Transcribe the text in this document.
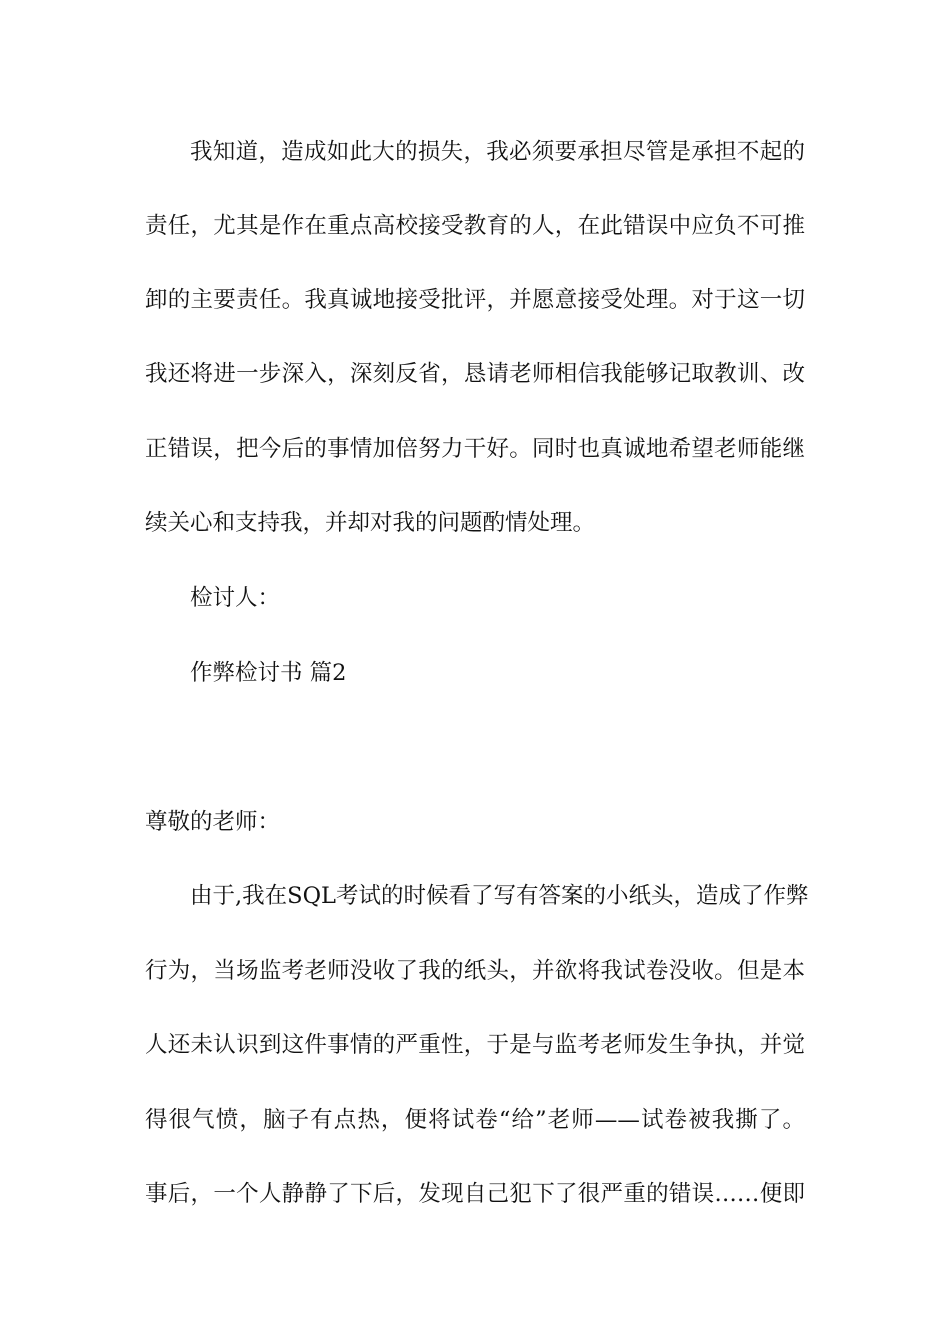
我知道，造成如此大的损失，我必须要承担尽管是承担不起的
责任，尤其是作在重点高校接受教育的人，在此错误中应负不可推
卸的主要责任。我真诚地接受批评，并愿意接受处理。对于这一切
我还将进一步深入，深刻反省，恳请老师相信我能够记取教训、改
正错误，把今后的事情加倍努力干好。同时也真诚地希望老师能继
续关心和支持我，并却对我的问题酌情处理。
检讨人：
作弊检讨书 篇2
尊敬的老师：
由于,我在SQL考试的时候看了写有答案的小纸头，造成了作弊
行为，当场监考老师没收了我的纸头，并欲将我试卷没收。但是本
人还未认识到这件事情的严重性，于是与监考老师发生争执，并觉
得很气愤，脑子有点热，便将试卷“给”老师——试卷被我撕了。
事后，一个人静静了下后，发现自己犯下了很严重的错误……便即
